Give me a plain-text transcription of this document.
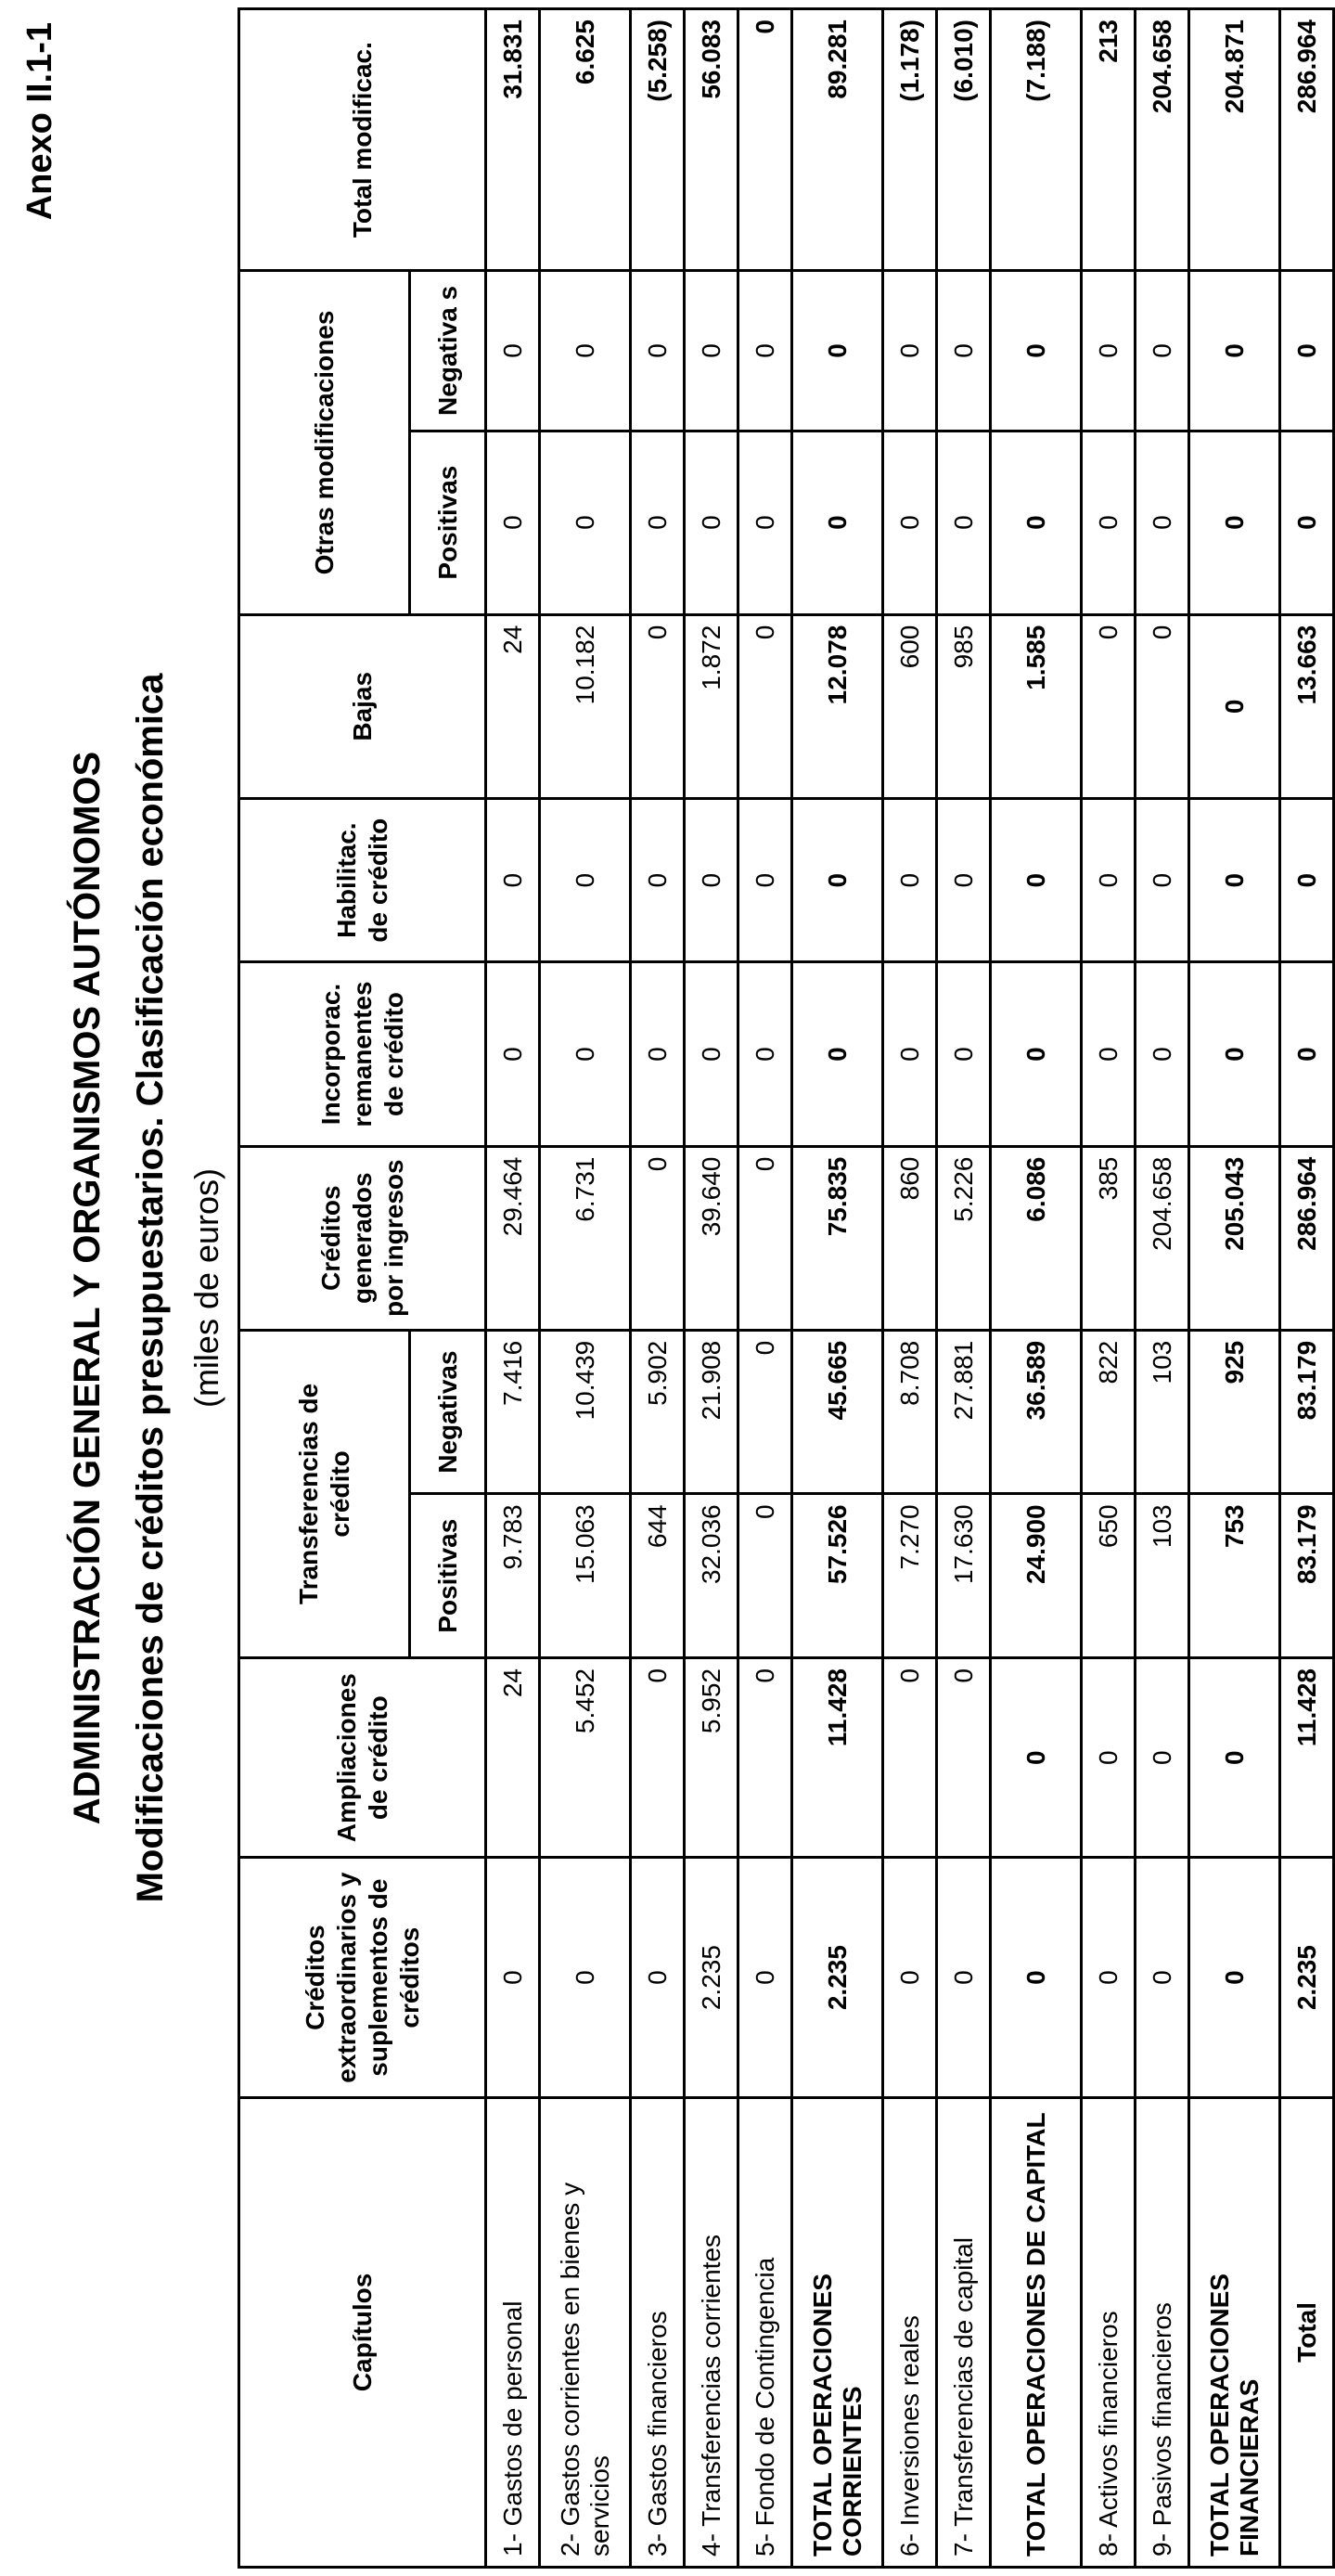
Anexo II.1-1
ADMINISTRACIÓN GENERAL Y ORGANISMOS AUTÓNOMOS Modificaciones de créditos presupuestarios. Clasificación económica (miles de euros)
Capítulos	Créditos extraordinarios y suplementos de créditos	Ampliaciones de crédito	Transferencias de crédito		Créditos generados por ingresos	Incorporac. remanentes de crédito	Habilitac. de crédito	Bajas	Otras modificaciones		Total modificac.
			Positivas	Negativas					Positivas	Negativa s	
1- Gastos de personal	0	24	9.783	7.416	29.464	0	0	24	0	0	31.831
2- Gastos corrientes en bienes y servicios	0	5.452	15.063	10.439	6.731	0	0	10.182	0	0	6.625
3- Gastos financieros	0	0	644	5.902	0	0	0	0	0	0	(5.258)
4- Transferencias corrientes	2.235	5.952	32.036	21.908	39.640	0	0	1.872	0	0	56.083
5- Fondo de Contingencia	0	0	0	0	0	0	0	0	0	0	0
TOTAL OPERACIONES CORRIENTES	2.235	11.428	57.526	45.665	75.835	0	0	12.078	0	0	89.281
6- Inversiones reales	0	0	7.270	8.708	860	0	0	600	0	0	(1.178)
7- Transferencias de capital	0	0	17.630	27.881	5.226	0	0	985	0	0	(6.010)
TOTAL OPERACIONES DE CAPITAL	0	0	24.900	36.589	6.086	0	0	1.585	0	0	(7.188)
8- Activos financieros	0	0	650	822	385	0	0	0	0	0	213
9- Pasivos financieros	0	0	103	103	204.658	0	0	0	0	0	204.658
TOTAL OPERACIONES FINANCIERAS	0	0	753	925	205.043	0	0	0	0	0	204.871
Total	2.235	11.428	83.179	83.179	286.964	0	0	13.663	0	0	286.964
